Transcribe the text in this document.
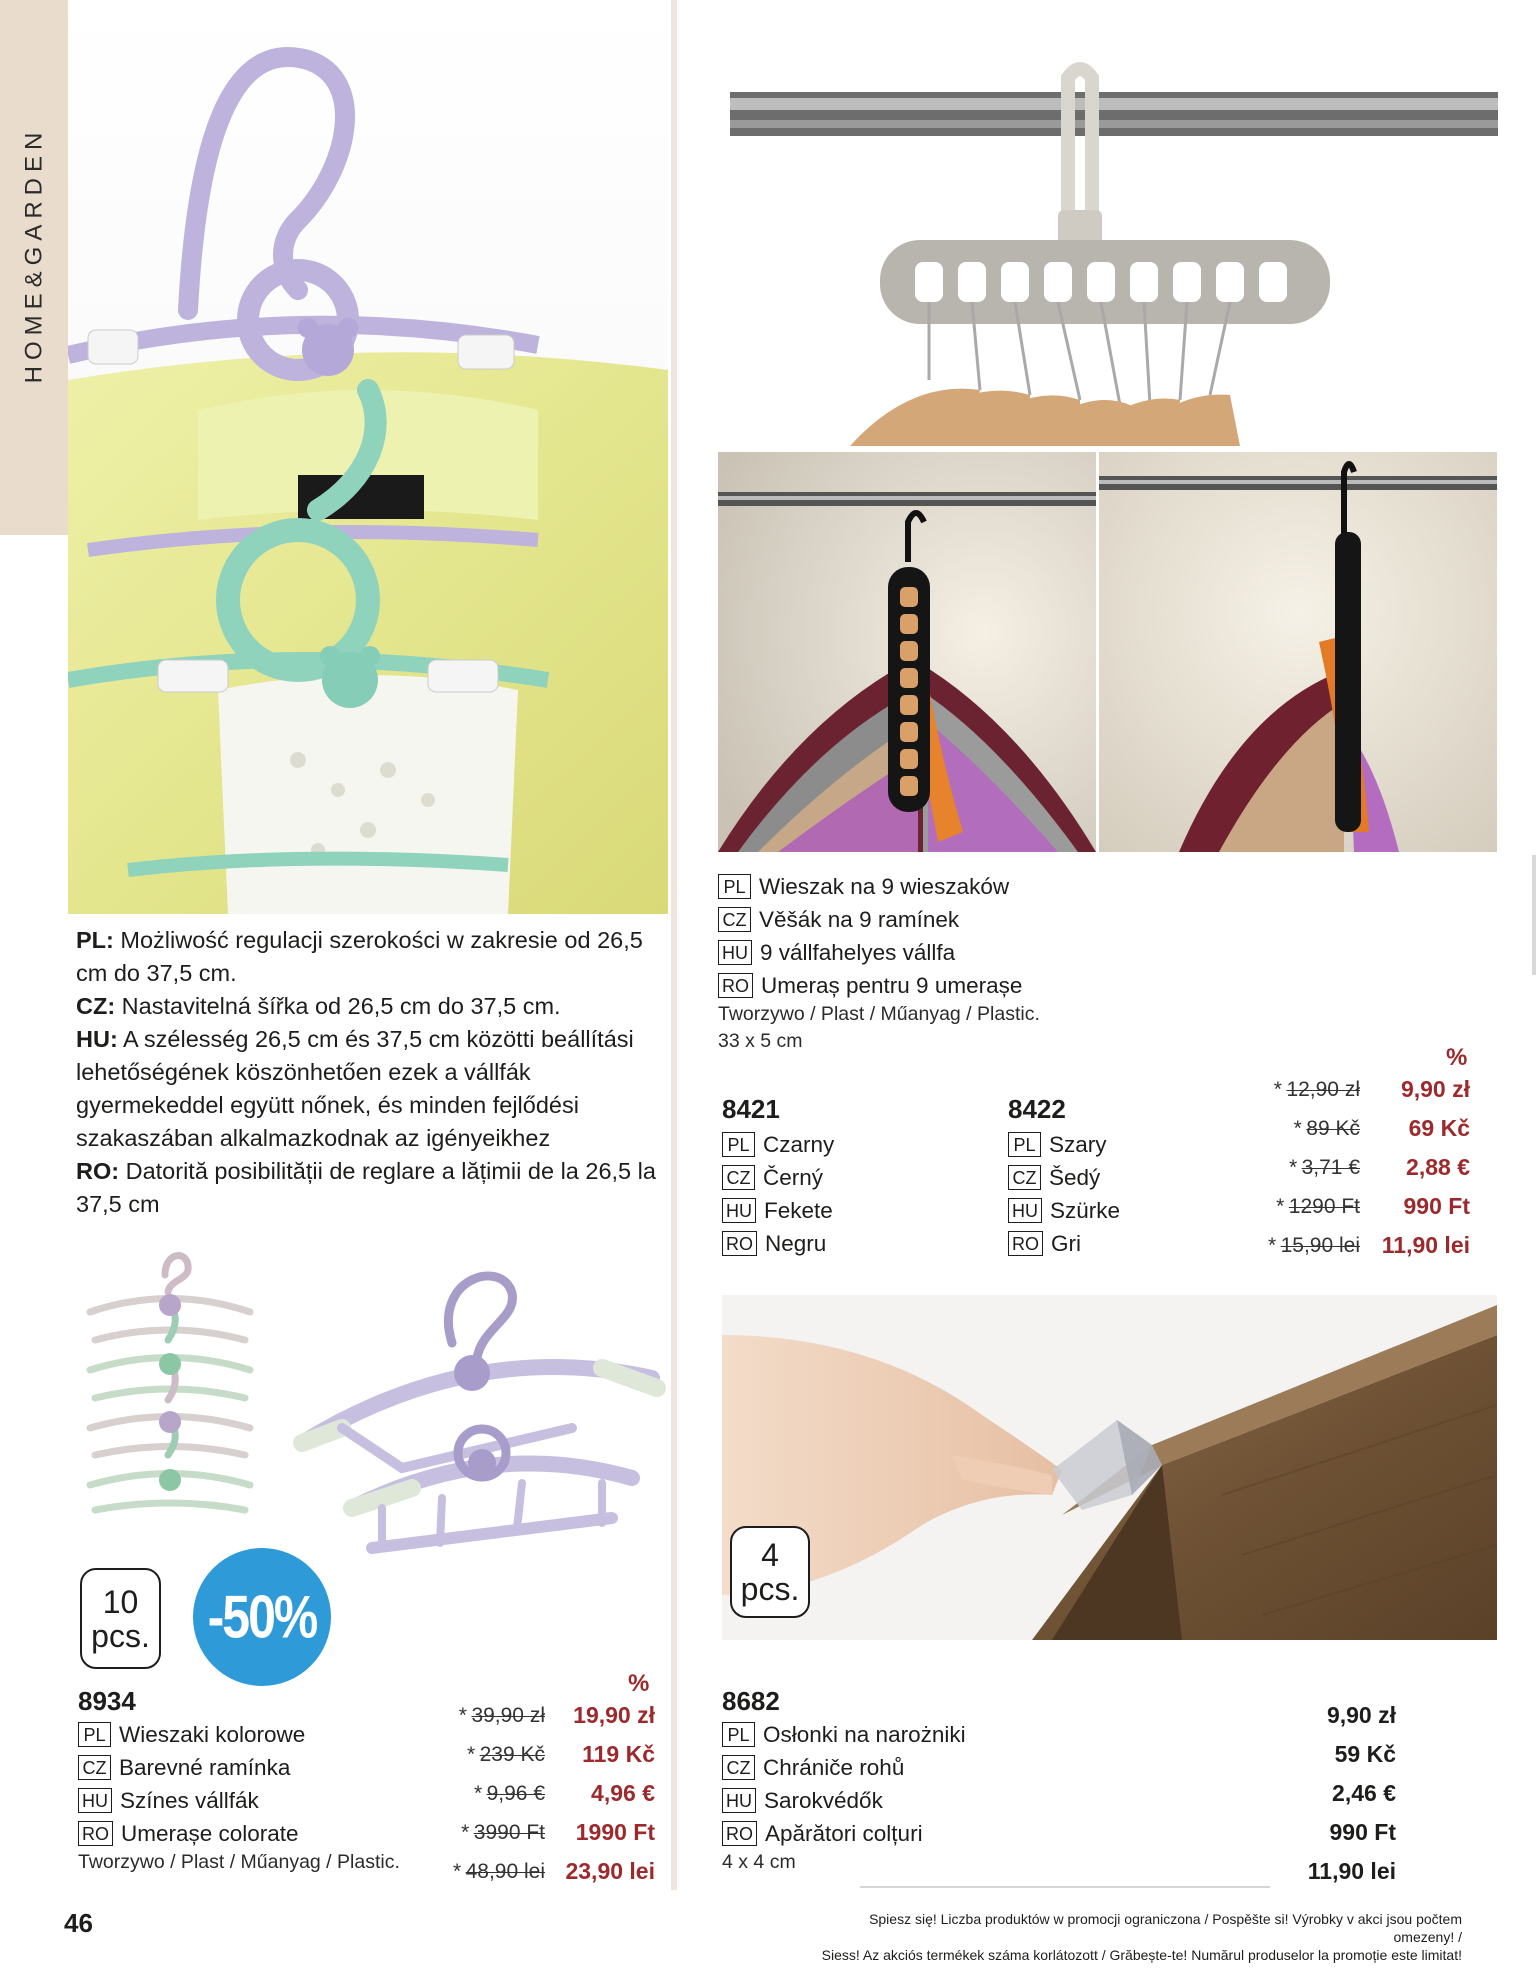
HOME&GARDEN

PL: Możliwość regulacji szerokości w zakresie od 26,5 cm do 37,5 cm.

CZ: Nastavitelná šířka od 26,5 cm do 37,5 cm.

HU: A szélesség 26,5 cm és 37,5 cm közötti beállítási lehetőségének köszönhetően ezek a vállfák gyermekeddel együtt nőnek, és minden fejlődési szakaszában alkalmazkodnak az igényeikhez

RO: Datorită posibilității de reglare a lățimii de la 26,5 la 37,5 cm

10
pcs. -50%
8934
PL Wieszaki kolorowe
CZ Barevné ramínka
HU Színes vállfák
RO Umerașe colorate
Tworzywo / Plast / Műanyag / Plastic.
%
*
39,90 zł	19,90 zł
*
239 Kč	119 Kč
*
9,96 €	4,96 €
*
3990 Ft	1990 Ft
*
48,90 lei 23,90 lei
PL Wieszak na 9 wieszaków
CZ Věšák na 9 ramínek
HU 9 vállfahelyes vállfa
RO Umeraș pentru 9 umerașe
Tworzywo / Plast / Műanyag / Plastic.
33 x 5 cm
8421
PL Czarny
CZ Černý
HU Fekete
RO Negru
8422
PL Szary
CZ Šedý
HU Szürke
RO Gri
%
*
12,90 zł	9,90 zł
*
89 Kč	69 Kč
*
3,71 €	2,88 €
*
1290 Ft	990 Ft
*
15,90 lei 11,90 lei
4
pcs.
8682
PL Osłonki na narożniki
CZ Chrániče rohů
HU Sarokvédők
RO Apărători colțuri
4 x 4 cm
9,90 zł
59 Kč
2,46 €
990 Ft
11,90 lei
46	Spiesz się! Liczba produktów w promocji ograniczona / Pospěšte si! Výrobky v akci jsou počtem omezeny! /
Siess! Az akciós termékek száma korlátozott / Grăbește-te! Numărul produselor la promoție este limitat!
